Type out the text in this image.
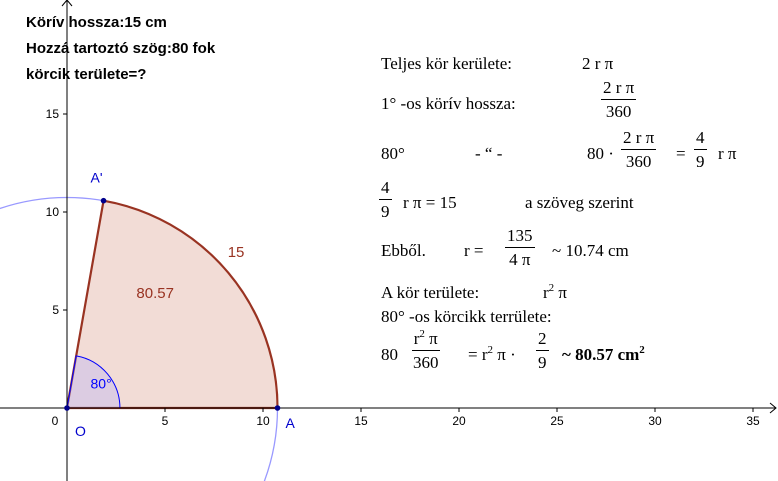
5	10	15	20	25	30	35
5
10
15
0
15
80.57
80°
O	A
A'
Körív hossza:15 cm
Hozzá tartoztó szög:80 fok
körcik területe=?
Teljes kör kerülete:	2 r π
1° -os körív hossza:	$\frac{\text{2 r π}}{360}$
80°	- “ -	$80 \cdot \frac{\text{2 r π}}{360} = \frac{4}{9}$ r π
$\frac{4}{9}$ r π = 15	a szöveg szerint
Ebből. $r = \frac{135}{4 \pi}$ ~ 10.74 cm
A kör területe:	$r^2$ π
80° -os körcikk terrülete:
$80 \frac{r^2 \pi}{360} = r^2$ $\pi \cdot \frac{2}{9}$ ~ 80.57 $cm^2$
